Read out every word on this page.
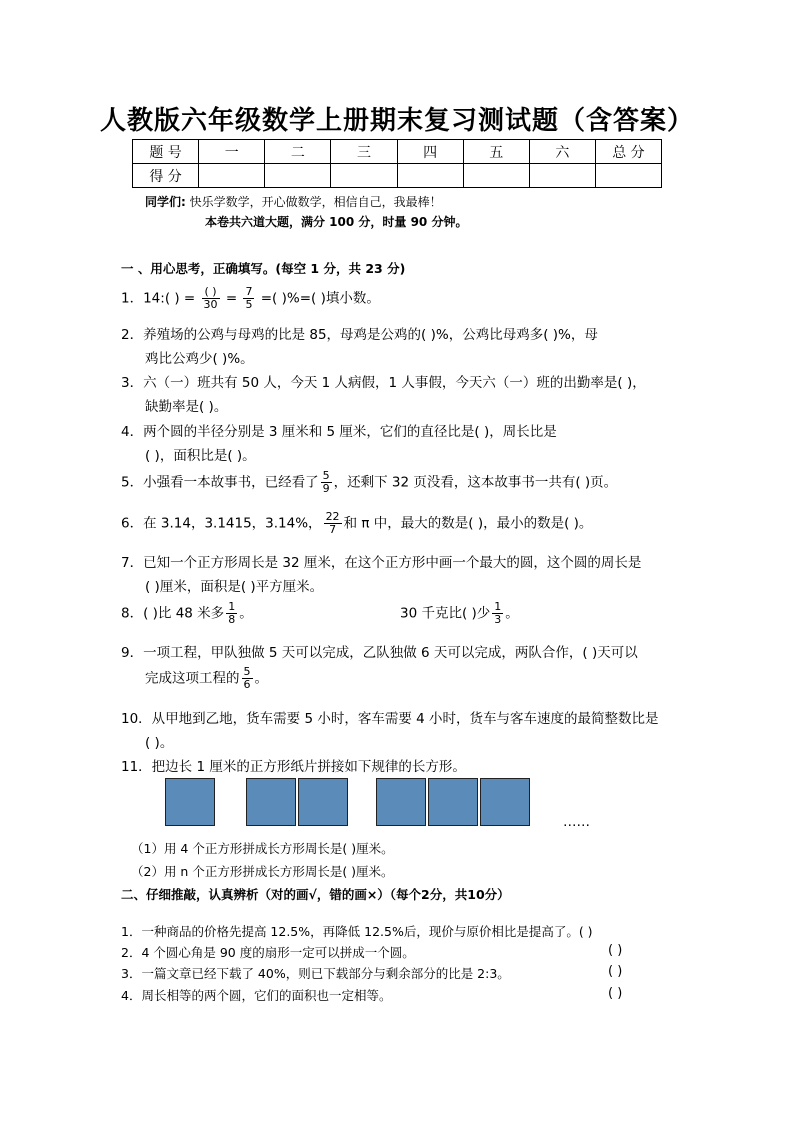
人教版六年级数学上册期末复习测试题（含答案）
题 号	一	二	三	四	五	六	总 分
得 分							
同学们: 快乐学数学，开心做数学，相信自己，我最棒！
本卷共六道大题，满分 100 分，时量 90 分钟。
一 、用心思考，正确填写。(每空 1 分，共 23 分)
1．14:( ) = $\frac{( )}{30} = \frac{7}{5}$ =( )%=( )填小数。
2．养殖场的公鸡与母鸡的比是 85，母鸡是公鸡的( )%，公鸡比母鸡多( )%，母
鸡比公鸡少( )%。
3．六（一）班共有 50 人，今天 1 人病假，1 人事假，今天六（一）班的出勤率是( )，
缺勤率是( )。
4．两个圆的半径分别是 3 厘米和 5 厘米，它们的直径比是( )，周长比是
( )，面积比是( )。
5．小强看一本故事书，已经看了 $\frac{5}{9}$ ，还剩下 32 页没看，这本故事书一共有( )页。
6．在 3.14，3.1415，3.14%， $\frac{22}{7}$ 和 π 中，最大的数是( )，最小的数是( )。
7．已知一个正方形周长是 32 厘米，在这个正方形中画一个最大的圆，这个圆的周长是
( )厘米，面积是( )平方厘米。
8．( )比 48 米多 $\frac{1}{8}$ 。	30 千克比( )少 $\frac{1}{3}$ 。
9．一项工程，甲队独做 5 天可以完成，乙队独做 6 天可以完成，两队合作，( )天可以
完成这项工程的 $\frac{5}{6}$ 。
10．从甲地到乙地，货车需要 5 小时，客车需要 4 小时，货车与客车速度的最简整数比是
( )。
11．把边长 1 厘米的正方形纸片拼接如下规律的长方形。
……
（1）用 4 个正方形拼成长方形周长是( )厘米。
（2）用 n 个正方形拼成长方形周长是( )厘米。
二、仔细推敲，认真辨析（对的画√，错的画×）（每个2分，共10分）
1．一种商品的价格先提高 12.5%，再降低 12.5%后，现价与原价相比是提高了。( )
2．4 个圆心角是 90 度的扇形一定可以拼成一个圆。	( )
3．一篇文章已经下载了 40%，则已下载部分与剩余部分的比是 2:3。	( )
4．周长相等的两个圆，它们的面积也一定相等。	( )
